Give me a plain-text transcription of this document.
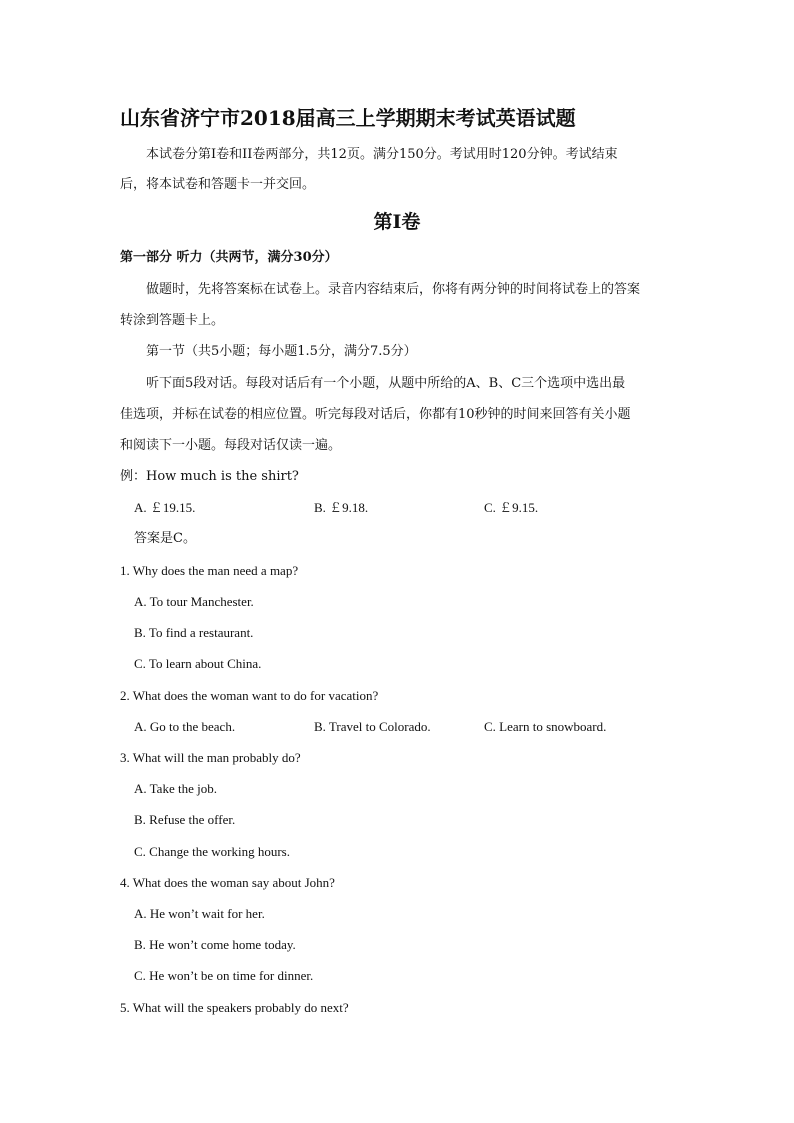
山东省济宁市2018届高三上学期期末考试英语试题
本试卷分第I卷和II卷两部分，共12页。满分150分。考试用时120分钟。考试结束
后，将本试卷和答题卡一并交回。
第I卷
第一部分 听力（共两节，满分30分）
做题时，先将答案标在试卷上。录音内容结束后，你将有两分钟的时间将试卷上的答案
转涂到答题卡上。
第一节（共5小题；每小题1.5分，满分7.5分）
听下面5段对话。每段对话后有一个小题，从题中所给的A、B、C三个选项中选出最
佳选项，并标在试卷的相应位置。听完每段对话后，你都有10秒钟的时间来回答有关小题
和阅读下一小题。每段对话仅读一遍。
例：How much is the shirt?
A. ￡19.15.	B. ￡9.18.	C. ￡9.15.
答案是C。
1. Why does the man need a map?
A. To tour Manchester.
B. To find a restaurant.
C. To learn about China.
2. What does the woman want to do for vacation?
A. Go to the beach.	B. Travel to Colorado.	C. Learn to snowboard.
3. What will the man probably do?
A. Take the job.
B. Refuse the offer.
C. Change the working hours.
4. What does the woman say about John?
A. He won’t wait for her.
B. He won’t come home today.
C. He won’t be on time for dinner.
5. What will the speakers probably do next?
